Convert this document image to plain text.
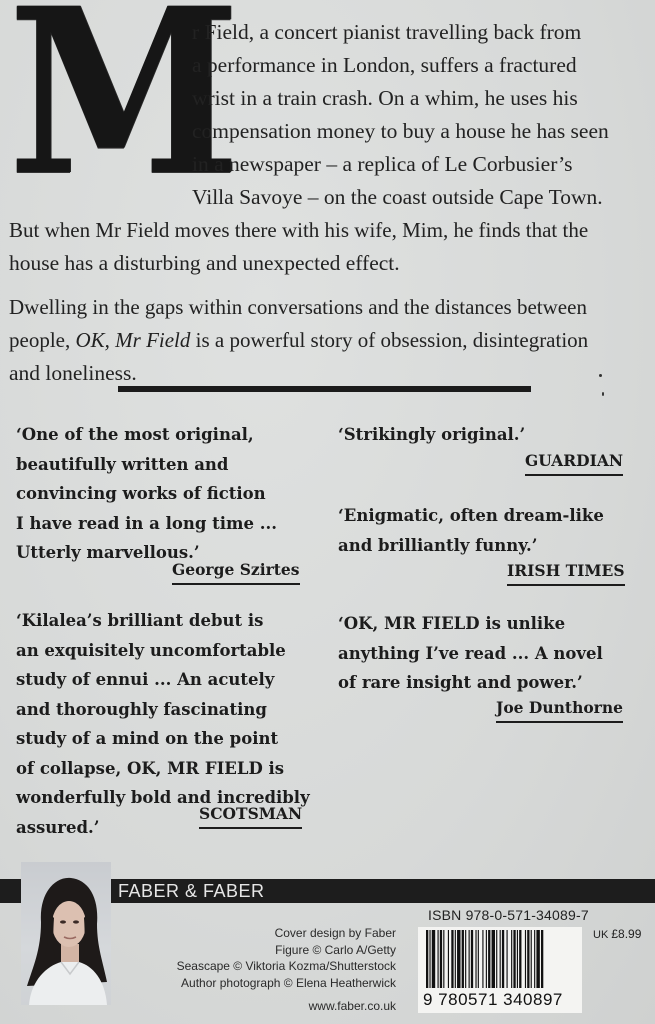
M
r Field, a concert pianist travelling back from
a performance in London, suffers a fractured
wrist in a train crash. On a whim, he uses his
compensation money to buy a house he has seen
in a newspaper – a replica of Le Corbusier’s
Villa Savoye – on the coast outside Cape Town.
But when Mr Field moves there with his wife, Mim, he finds that the
house has a disturbing and unexpected effect.
Dwelling in the gaps within conversations and the distances between
people, OK, Mr Field is a powerful story of obsession, disintegration
and loneliness.
‘One of the most original,
beautifully written and
convincing works of fiction
I have read in a long time ...
Utterly marvellous.’
George Szirtes
‘Kilalea’s brilliant debut is
an exquisitely uncomfortable
study of ennui ... An acutely
and thoroughly fascinating
study of a mind on the point
of collapse, OK, MR FIELD is
wonderfully bold and incredibly
assured.’
SCOTSMAN
‘Strikingly original.’
GUARDIAN
‘Enigmatic, often dream-like
and brilliantly funny.’
IRISH TIMES
‘OK, MR FIELD is unlike
anything I’ve read ... A novel
of rare insight and power.’
Joe Dunthorne
FABER & FABER
Cover design by Faber
Figure © Carlo A/Getty
Seascape © Viktoria Kozma/Shutterstock
Author photograph © Elena Heatherwick
www.faber.co.uk
ISBN 978-0-571-34089-7
9 780571 340897
UK £8.99
